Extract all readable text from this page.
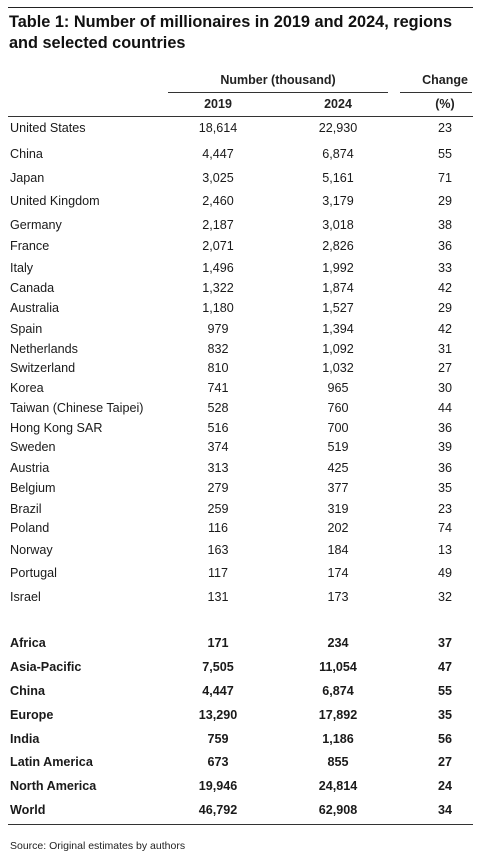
Table 1: Number of millionaires in 2019 and 2024, regions and selected countries
Number (thousand)	Change
2019	2024	(%)
United States	18,614	22,930	23
China	4,447	6,874	55
Japan	3,025	5,161	71
United Kingdom	2,460	3,179	29
Germany	2,187	3,018	38
France	2,071	2,826	36
Italy	1,496	1,992	33
Canada	1,322	1,874	42
Australia	1,180	1,527	29
Spain	979	1,394	42
Netherlands	832	1,092	31
Switzerland	810	1,032	27
Korea	741	965	30
Taiwan (Chinese Taipei)	528	760	44
Hong Kong SAR	516	700	36
Sweden	374	519	39
Austria	313	425	36
Belgium	279	377	35
Brazil	259	319	23
Poland	116	202	74
Norway	163	184	13
Portugal	117	174	49
Israel	131	173	32
Africa	171	234	37
Asia-Pacific	7,505	11,054	47
China	4,447	6,874	55
Europe	13,290	17,892	35
India	759	1,186	56
Latin America	673	855	27
North America	19,946	24,814	24
World	46,792	62,908	34
Source: Original estimates by authors
